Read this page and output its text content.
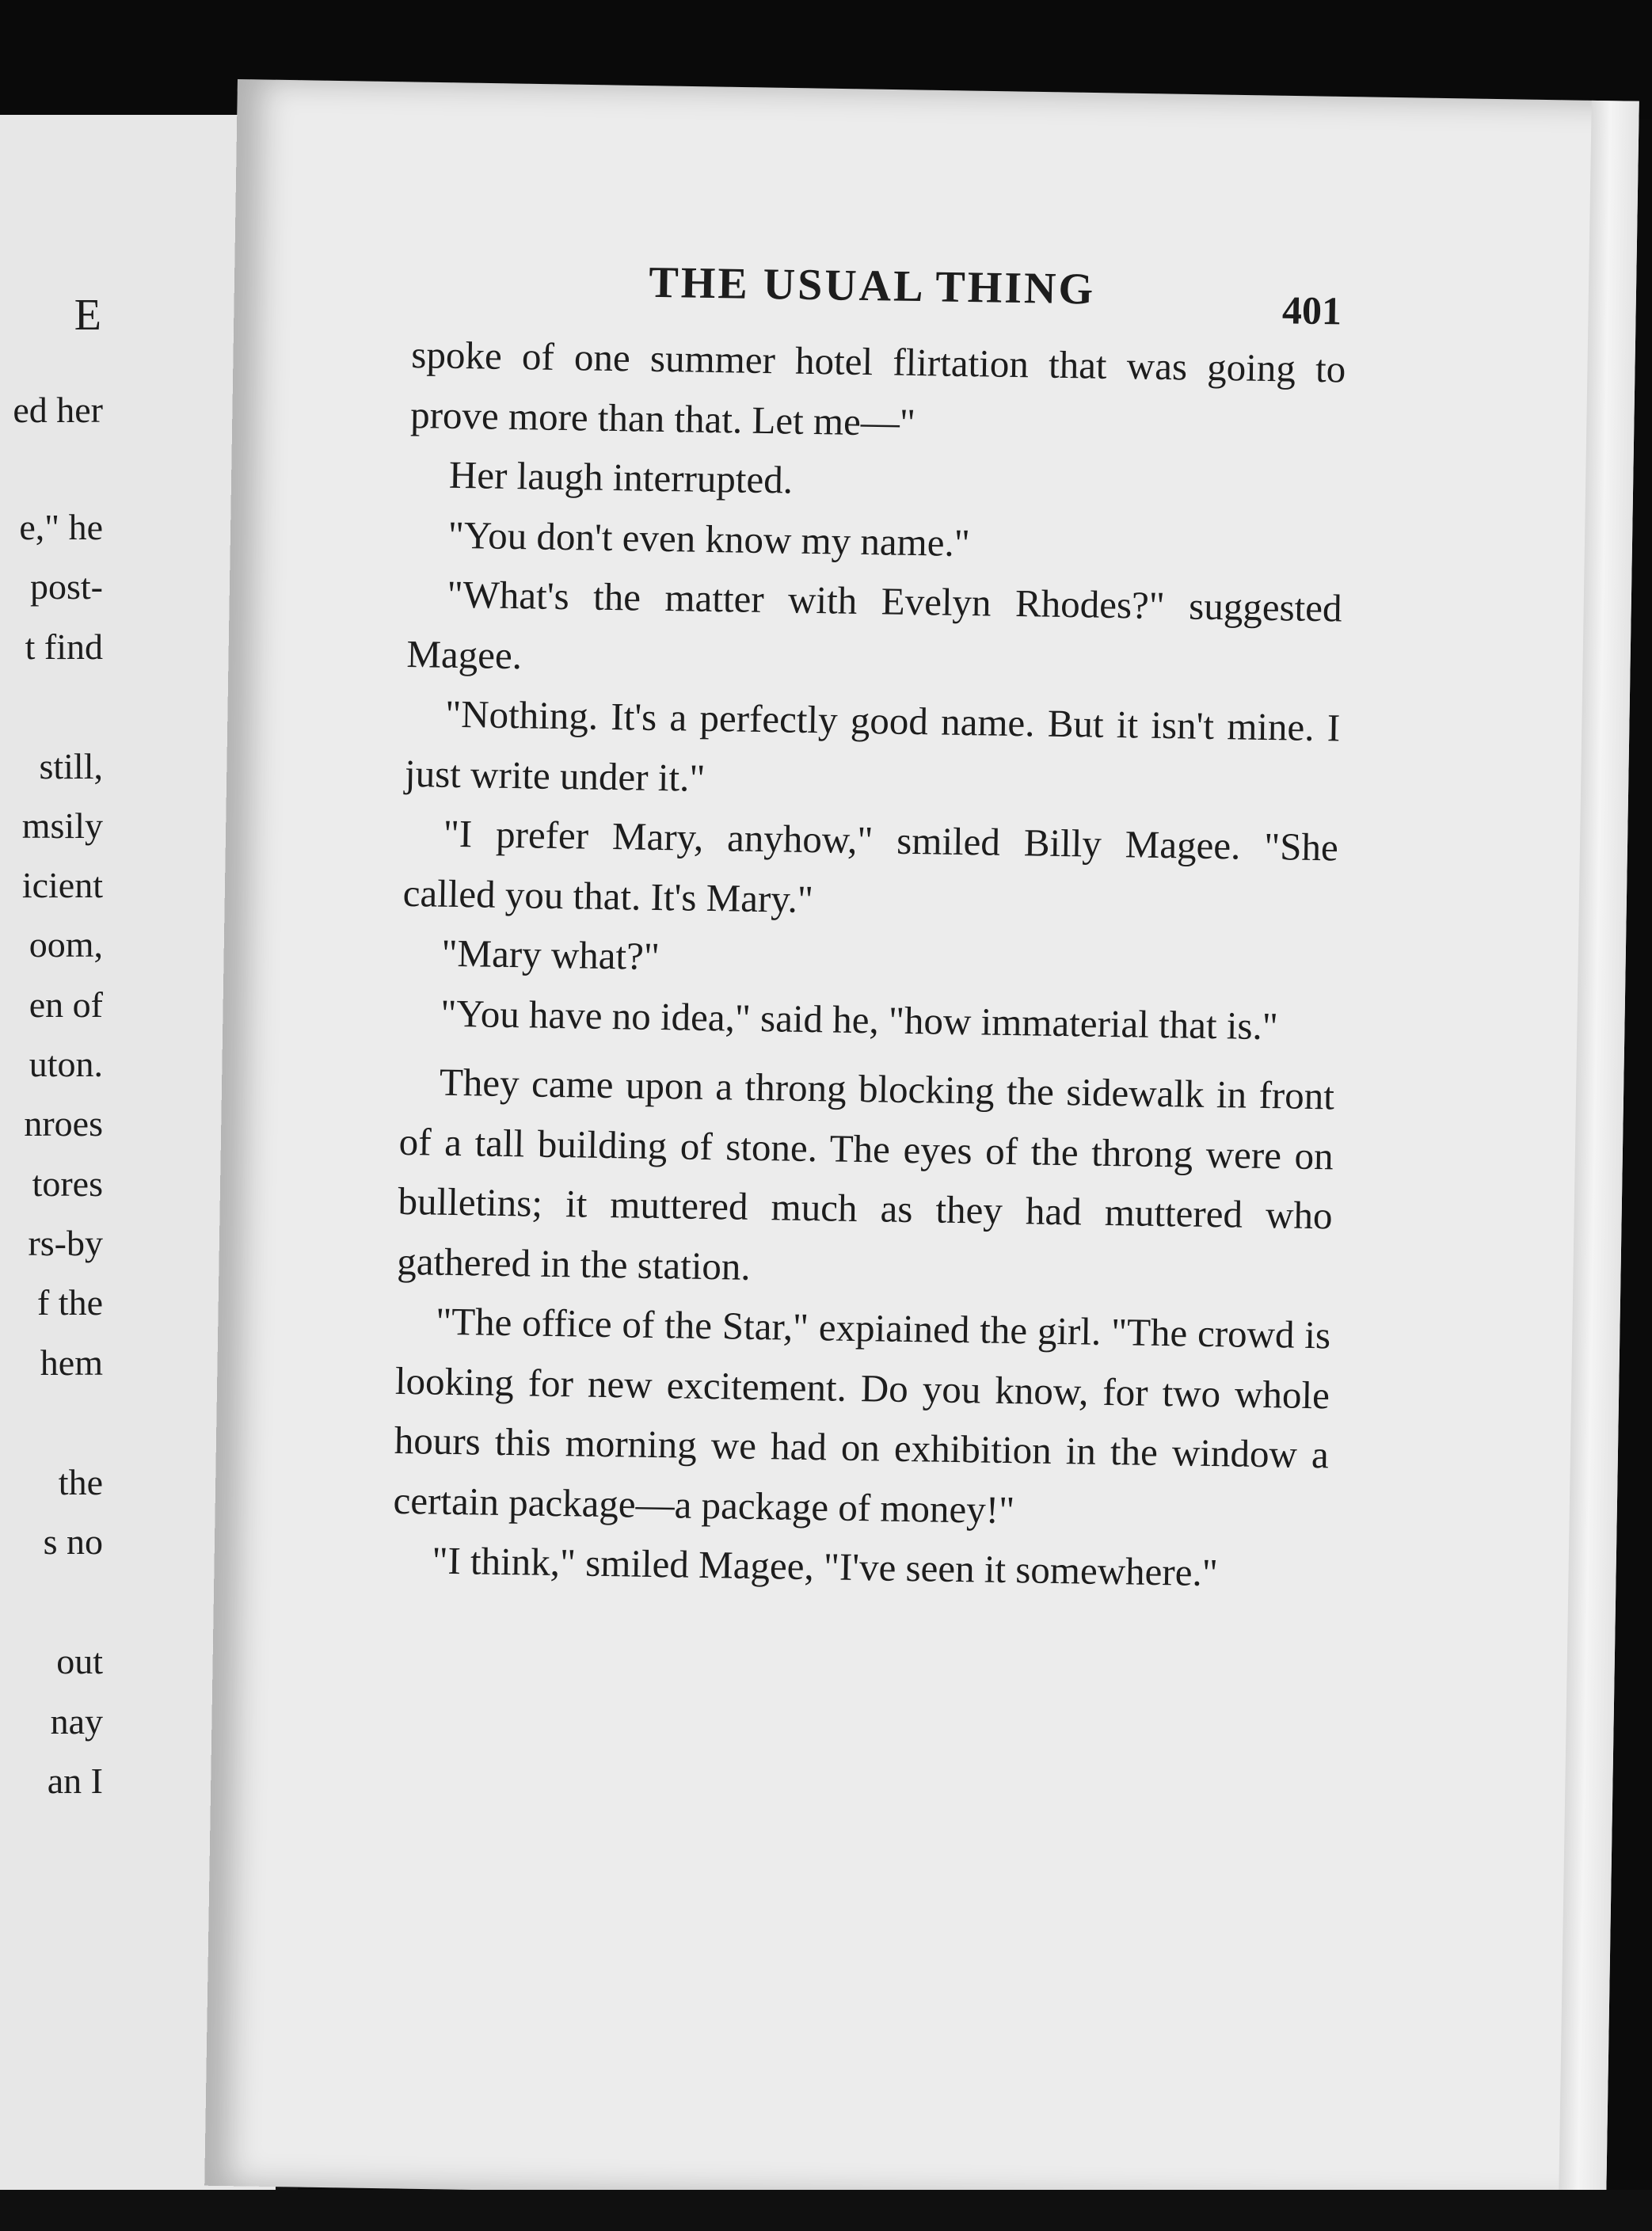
E
ed her
e," he
post-
t find
still,
msily
icient
oom,
en of
uton.
nroes
tores
rs-by
f the
hem
the
s no
out
nay
an I
THE USUAL THING	401

spoke of one summer hotel flirtation that was going to prove more than that. Let me—"

Her laugh interrupted.

"You don't even know my name."

"What's the matter with Evelyn Rhodes?" suggested Magee.

"Nothing. It's a perfectly good name. But it isn't mine. I just write under it."

"I prefer Mary, anyhow," smiled Billy Magee. "She called you that. It's Mary."

"Mary what?"

"You have no idea," said he, "how immaterial that is."

They came upon a throng blocking the sidewalk in front of a tall building of stone. The eyes of the throng were on bulletins; it muttered much as they had muttered who gathered in the station.

"The office of the Star," expiained the girl. "The crowd is looking for new excitement. Do you know, for two whole hours this morning we had on exhibition in the window a certain package—a package of money!"

"I think," smiled Magee, "I've seen it somewhere."
